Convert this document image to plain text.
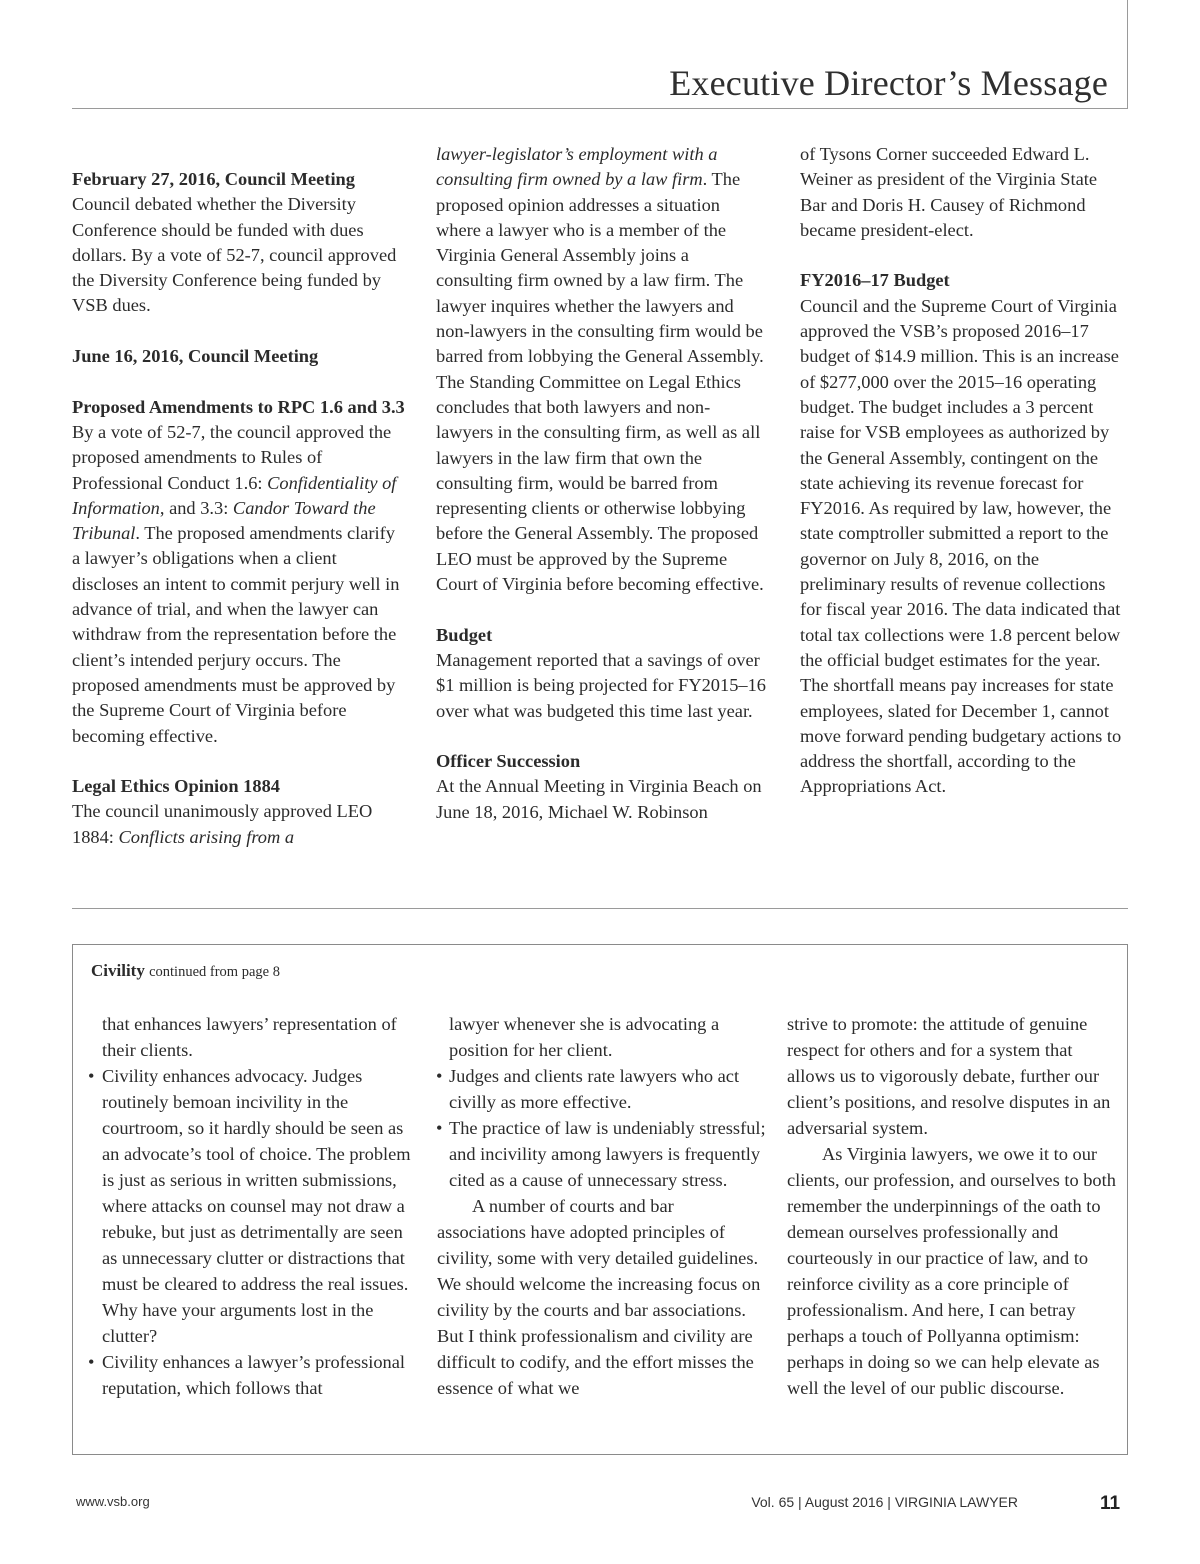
Executive Director’s Message

February 27, 2016, Council Meeting

Council debated whether the Diversity Conference should be funded with dues dollars. By a vote of 52-7, council approved the Diversity Conference being funded by VSB dues.

June 16, 2016, Council Meeting

Proposed Amendments to RPC 1.6 and 3.3

By a vote of 52-7, the council approved the proposed amendments to Rules of Professional Conduct 1.6: Confidentiality of Information, and 3.3: Candor Toward the Tribunal. The proposed amendments clarify a lawyer’s obligations when a client discloses an intent to commit perjury well in advance of trial, and when the lawyer can withdraw from the representation before the client’s intended perjury occurs. The proposed amendments must be approved by the Supreme Court of Virginia before becoming effective.

Legal Ethics Opinion 1884

The council unanimously approved LEO 1884: Conflicts arising from a

lawyer-legislator’s employment with a consulting firm owned by a law firm. The proposed opinion addresses a situation where a lawyer who is a member of the Virginia General Assembly joins a consulting firm owned by a law firm. The lawyer inquires whether the lawyers and non-lawyers in the consulting firm would be barred from lobbying the General Assembly. The Standing Committee on Legal Ethics concludes that both lawyers and non-lawyers in the consulting firm, as well as all lawyers in the law firm that own the consulting firm, would be barred from representing clients or otherwise lobbying before the General Assembly. The proposed LEO must be approved by the Supreme Court of Virginia before becoming effective.

Budget

Management reported that a savings of over $1 million is being projected for FY2015–16 over what was budgeted this time last year.

Officer Succession

At the Annual Meeting in Virginia Beach on June 18, 2016, Michael W. Robinson

of Tysons Corner succeeded Edward L. Weiner as president of the Virginia State Bar and Doris H. Causey of Richmond became president-elect.

FY2016–17 Budget

Council and the Supreme Court of Virginia approved the VSB’s proposed 2016–17 budget of $14.9 million. This is an increase of $277,000 over the 2015–16 operating budget. The budget includes a 3 percent raise for VSB employees as authorized by the General Assembly, contingent on the state achieving its revenue forecast for FY2016. As required by law, however, the state comptroller submitted a report to the governor on July 8, 2016, on the preliminary results of revenue collections for fiscal year 2016. The data indicated that total tax collections were 1.8 percent below the official budget estimates for the year. The shortfall means pay increases for state employees, slated for December 1, cannot move forward pending budgetary actions to address the shortfall, according to the Appropriations Act.

Civility continued from page 8

that enhances lawyers’ representation of their clients.

• Civility enhances advocacy. Judges routinely bemoan incivility in the courtroom, so it hardly should be seen as an advocate’s tool of choice. The problem is just as serious in written submissions, where attacks on counsel may not draw a rebuke, but just as detrimentally are seen as unnecessary clutter or distractions that must be cleared to address the real issues. Why have your arguments lost in the clutter?

• Civility enhances a lawyer’s professional reputation, which follows that

lawyer whenever she is advocating a position for her client.

• Judges and clients rate lawyers who act civilly as more effective.

• The practice of law is undeniably stressful; and incivility among lawyers is frequently cited as a cause of unnecessary stress.

A number of courts and bar associations have adopted principles of civility, some with very detailed guidelines. We should welcome the increasing focus on civility by the courts and bar associations. But I think professionalism and civility are difficult to codify, and the effort misses the essence of what we

strive to promote: the attitude of genuine respect for others and for a system that allows us to vigorously debate, further our client’s positions, and resolve disputes in an adversarial system.

As Virginia lawyers, we owe it to our clients, our profession, and ourselves to both remember the underpinnings of the oath to demean ourselves professionally and courteously in our practice of law, and to reinforce civility as a core principle of professionalism. And here, I can betray perhaps a touch of Pollyanna optimism: perhaps in doing so we can help elevate as well the level of our public discourse.

www.vsb.org	Vol. 65 | August 2016 | VIRGINIA LAWYER	11
